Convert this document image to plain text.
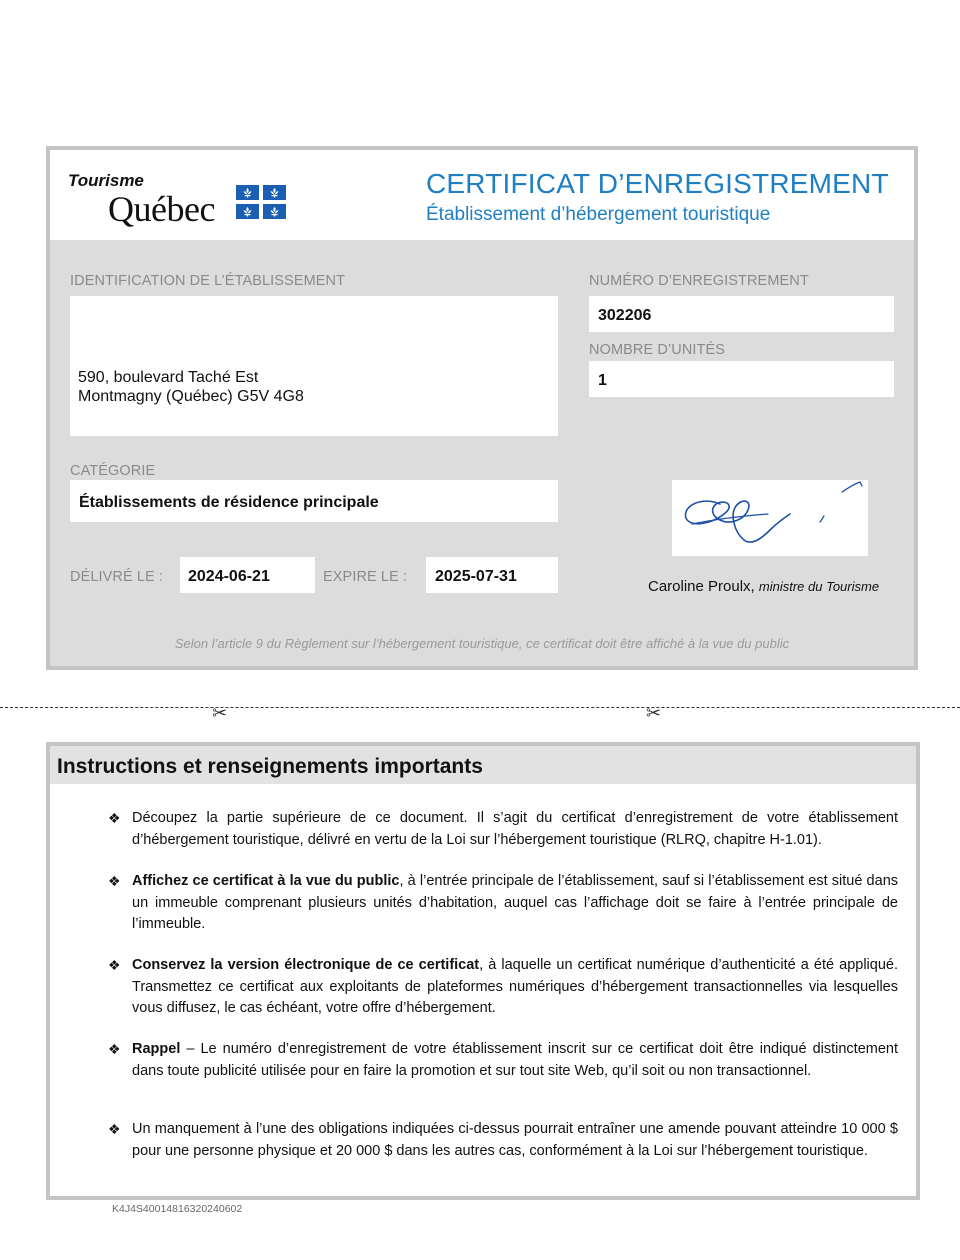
Tourisme
Québec
CERTIFICAT D’ENREGISTREMENT
Établissement d’hébergement touristique
IDENTIFICATION DE L’ÉTABLISSEMENT
590, boulevard Taché Est
Montmagny (Québec) G5V 4G8
NUMÉRO D’ENREGISTREMENT
302206
NOMBRE D’UNITÉS
1
CATÉGORIE
Établissements de résidence principale
DÉLIVRÉ LE : 2024-06-21	EXPIRE LE : 2025-07-31
Caroline Proulx, ministre du Tourisme
Selon l’article 9 du Règlement sur l’hébergement touristique, ce certificat doit être affiché à la vue du public
✂	✂
Instructions et renseignements importants
❖ Découpez la partie supérieure de ce document. Il s’agit du certificat d’enregistrement de votre établissement d’hébergement touristique, délivré en vertu de la Loi sur l’hébergement touristique (RLRQ, chapitre H-1.01).
❖ Affichez ce certificat à la vue du public, à l’entrée principale de l’établissement, sauf si l’établissement est situé dans un immeuble comprenant plusieurs unités d’habitation, auquel cas l’affichage doit se faire à l’entrée principale de l’immeuble.
❖ Conservez la version électronique de ce certificat, à laquelle un certificat numérique d’authenticité a été appliqué. Transmettez ce certificat aux exploitants de plateformes numériques d’hébergement transactionnelles via lesquelles vous diffusez, le cas échéant, votre offre d’hébergement.
❖ Rappel – Le numéro d’enregistrement de votre établissement inscrit sur ce certificat doit être indiqué distinctement dans toute publicité utilisée pour en faire la promotion et sur tout site Web, qu’il soit ou non transactionnel.
❖ Un manquement à l’une des obligations indiquées ci-dessus pourrait entraîner une amende pouvant atteindre 10 000 $ pour une personne physique et 20 000 $ dans les autres cas, conformément à la Loi sur l’hébergement touristique.
K4J4S40014816320240602
